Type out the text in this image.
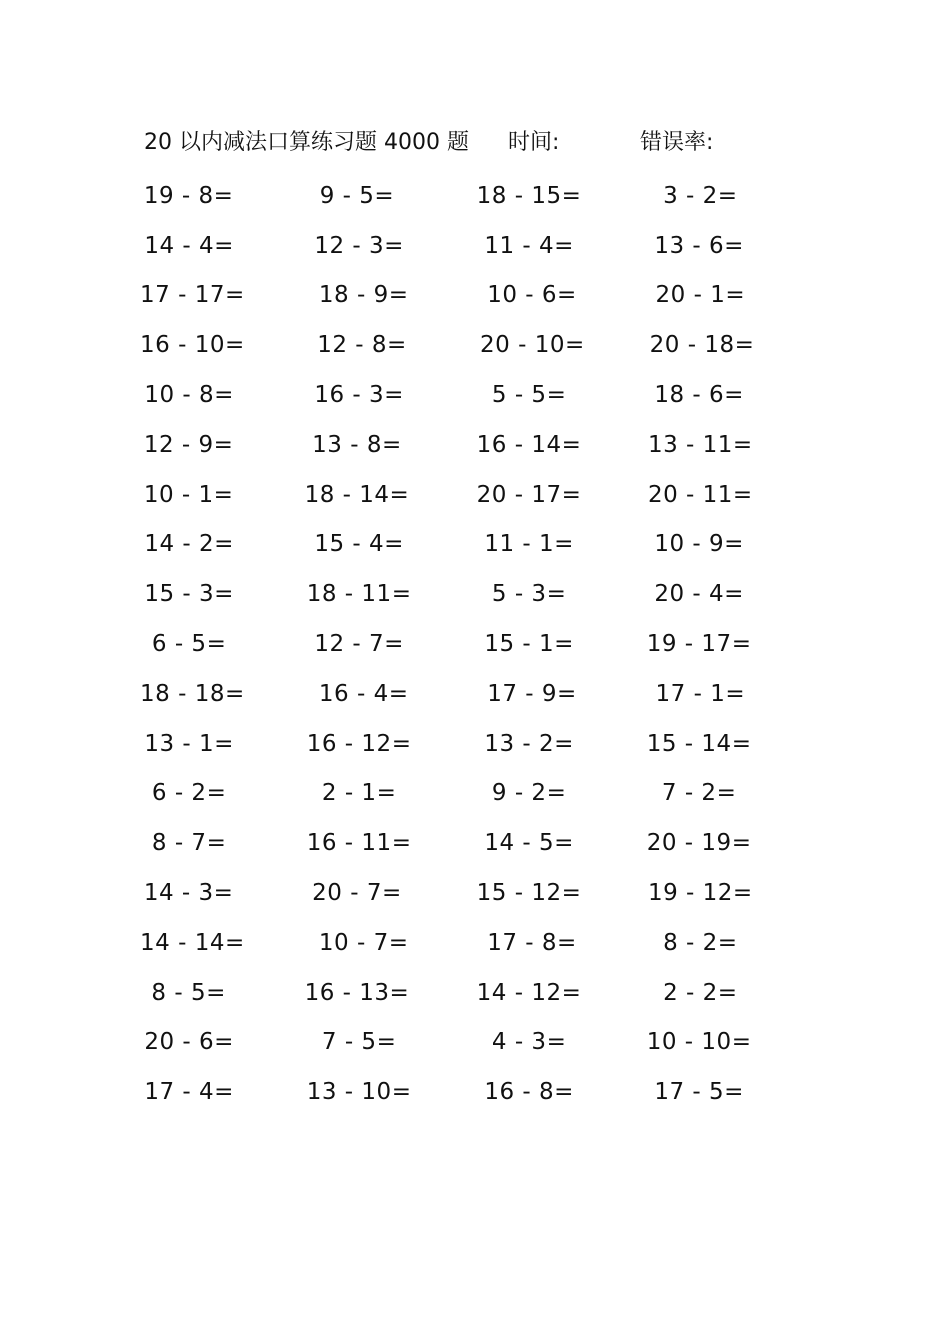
20 以内减法口算练习题 4000 题 时间:	错误率:
19 - 8=	9 - 5=	18 - 15=	3 - 2=
14 - 4=	12 - 3=	11 - 4=	13 - 6=
17 - 17=	18 - 9=	10 - 6=	20 - 1=
16 - 10=	12 - 8=	20 - 10=	20 - 18=
10 - 8=	16 - 3=	5 - 5=	18 - 6=
12 - 9=	13 - 8=	16 - 14=	13 - 11=
10 - 1=	18 - 14=	20 - 17=	20 - 11=
14 - 2=	15 - 4=	11 - 1=	10 - 9=
15 - 3=	18 - 11=	5 - 3=	20 - 4=
6 - 5=	12 - 7=	15 - 1=	19 - 17=
18 - 18=	16 - 4=	17 - 9=	17 - 1=
13 - 1=	16 - 12=	13 - 2=	15 - 14=
6 - 2=	2 - 1=	9 - 2=	7 - 2=
8 - 7=	16 - 11=	14 - 5=	20 - 19=
14 - 3=	20 - 7=	15 - 12=	19 - 12=
14 - 14=	10 - 7=	17 - 8=	8 - 2=
8 - 5=	16 - 13=	14 - 12=	2 - 2=
20 - 6=	7 - 5=	4 - 3=	10 - 10=
17 - 4=	13 - 10=	16 - 8=	17 - 5=
